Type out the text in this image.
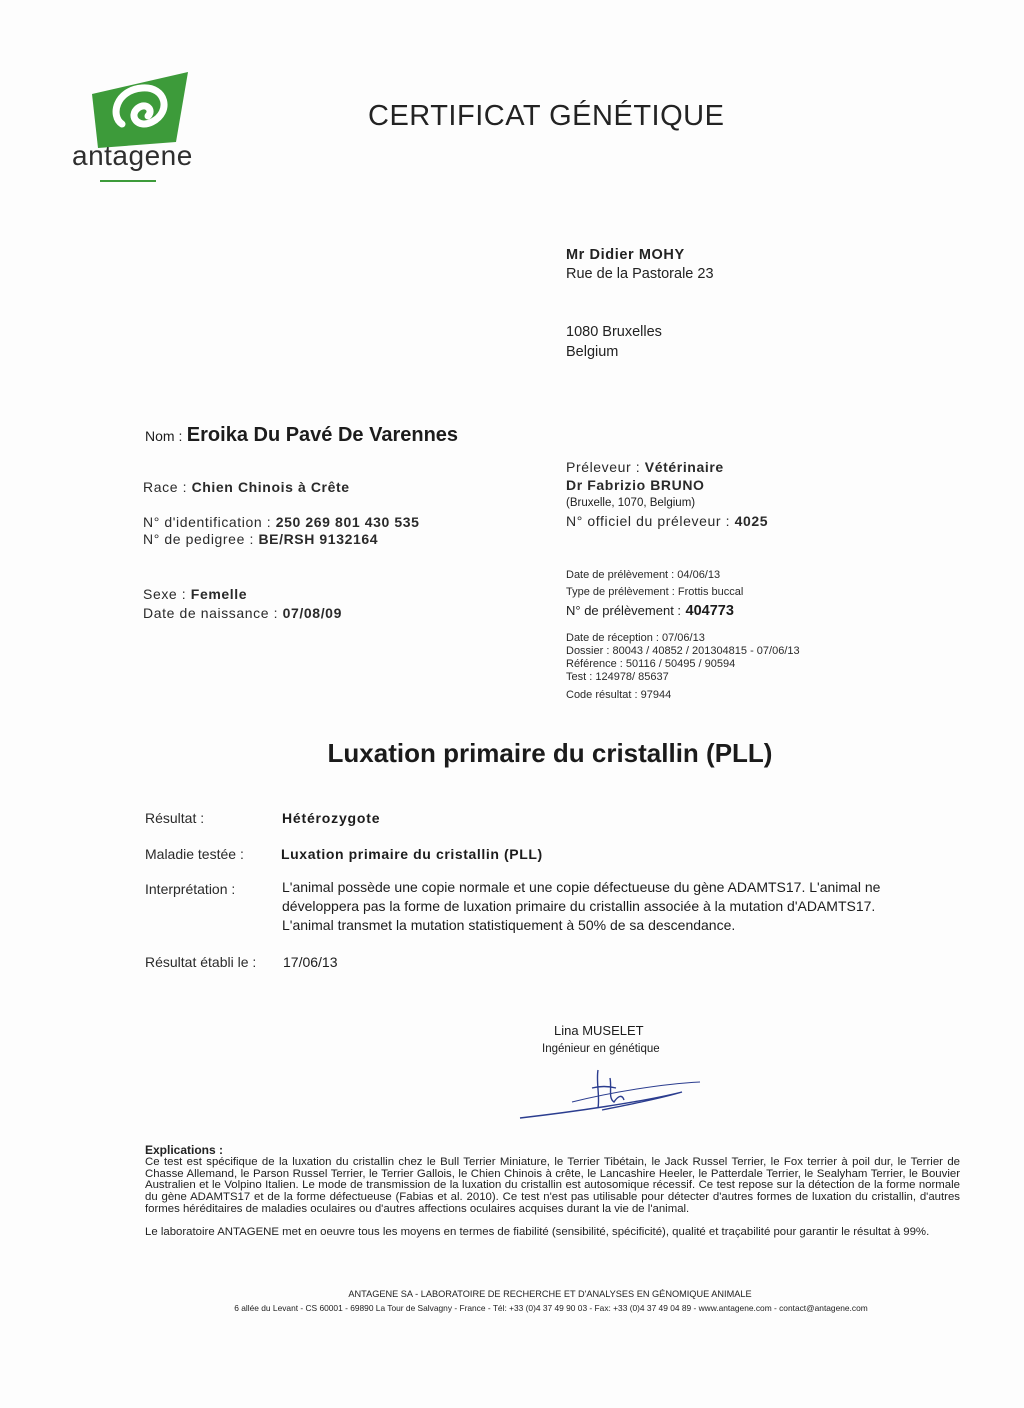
antagene
CERTIFICAT GÉNÉTIQUE
Mr Didier MOHY
Rue de la Pastorale 23
1080 Bruxelles
Belgium
Nom : Eroika Du Pavé De Varennes
Race : Chien Chinois à Crête
N° d'identification : 250 269 801 430 535
N° de pedigree : BE/RSH 9132164
Sexe : Femelle
Date de naissance : 07/08/09
Préleveur : Vétérinaire
Dr Fabrizio BRUNO
(Bruxelle, 1070, Belgium)
N° officiel du préleveur : 4025
Date de prélèvement : 04/06/13
Type de prélèvement : Frottis buccal
N° de prélèvement : 404773
Date de réception : 07/06/13
Dossier : 80043 / 40852 / 201304815 - 07/06/13
Référence : 50116 / 50495 / 90594
Test : 124978/ 85637
Code résultat : 97944
Luxation primaire du cristallin (PLL)
Résultat :	Hétérozygote
Maladie testée :	Luxation primaire du cristallin (PLL)
Interprétation :	L'animal possède une copie normale et une copie défectueuse du gène ADAMTS17. L'animal ne
développera pas la forme de luxation primaire du cristallin associée à la mutation d'ADAMTS17.
L'animal transmet la mutation statistiquement à 50% de sa descendance.
Résultat établi le : 17/06/13
Lina MUSELET
Ingénieur en génétique
Explications :
Ce test est spécifique de la luxation du cristallin chez le Bull Terrier Miniature, le Terrier Tibétain, le Jack Russel Terrier, le Fox terrier à poil dur, le Terrier de Chasse Allemand, le Parson Russel Terrier, le Terrier Gallois, le Chien Chinois à crête, le Lancashire Heeler, le Patterdale Terrier, le Sealyham Terrier, le Bouvier Australien et le Volpino Italien. Le mode de transmission de la luxation du cristallin est autosomique récessif. Ce test repose sur la détection de la forme normale du gène ADAMTS17 et de la forme défectueuse (Fabias et al. 2010). Ce test n'est pas utilisable pour détecter d'autres formes de luxation du cristallin, d'autres formes héréditaires de maladies oculaires ou d'autres affections oculaires acquises durant la vie de l'animal.
Le laboratoire ANTAGENE met en oeuvre tous les moyens en termes de fiabilité (sensibilité, spécificité), qualité et traçabilité pour garantir le résultat à 99%.
ANTAGENE SA - LABORATOIRE DE RECHERCHE ET D'ANALYSES EN GÉNOMIQUE ANIMALE
6 allée du Levant - CS 60001 - 69890 La Tour de Salvagny - France - Tél: +33 (0)4 37 49 90 03 - Fax: +33 (0)4 37 49 04 89 - www.antagene.com - contact@antagene.com
